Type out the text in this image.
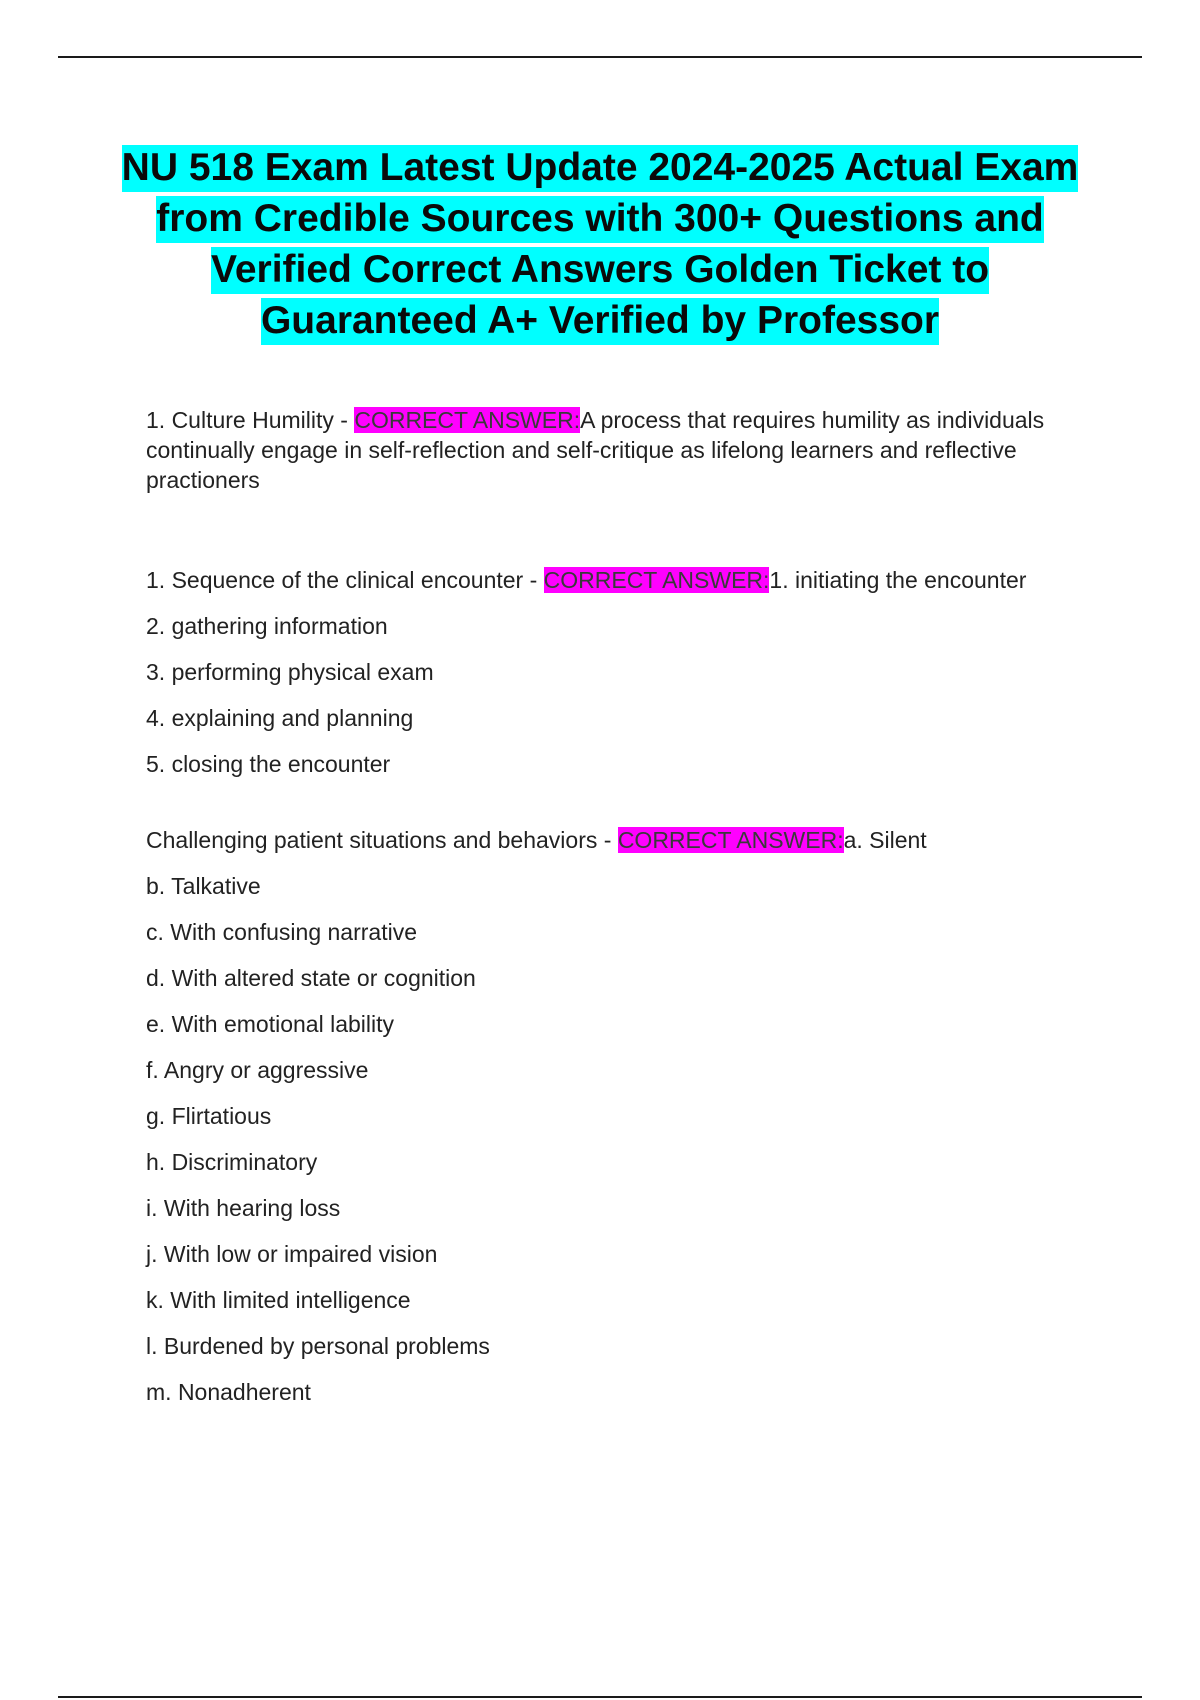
NU 518 Exam Latest Update 2024-2025 Actual Exam from Credible Sources with 300+ Questions and Verified Correct Answers Golden Ticket to Guaranteed A+ Verified by Professor

1. Culture Humility - CORRECT ANSWER:A process that requires humility as individuals continually engage in self-reflection and self-critique as lifelong learners and reflective practioners

1. Sequence of the clinical encounter - CORRECT ANSWER:1. initiating the encounter

2. gathering information

3. performing physical exam

4. explaining and planning

5. closing the encounter

Challenging patient situations and behaviors - CORRECT ANSWER:a. Silent

b. Talkative

c. With confusing narrative

d. With altered state or cognition

e. With emotional lability

f. Angry or aggressive

g. Flirtatious

h. Discriminatory

i. With hearing loss

j. With low or impaired vision

k. With limited intelligence

l. Burdened by personal problems

m. Nonadherent
